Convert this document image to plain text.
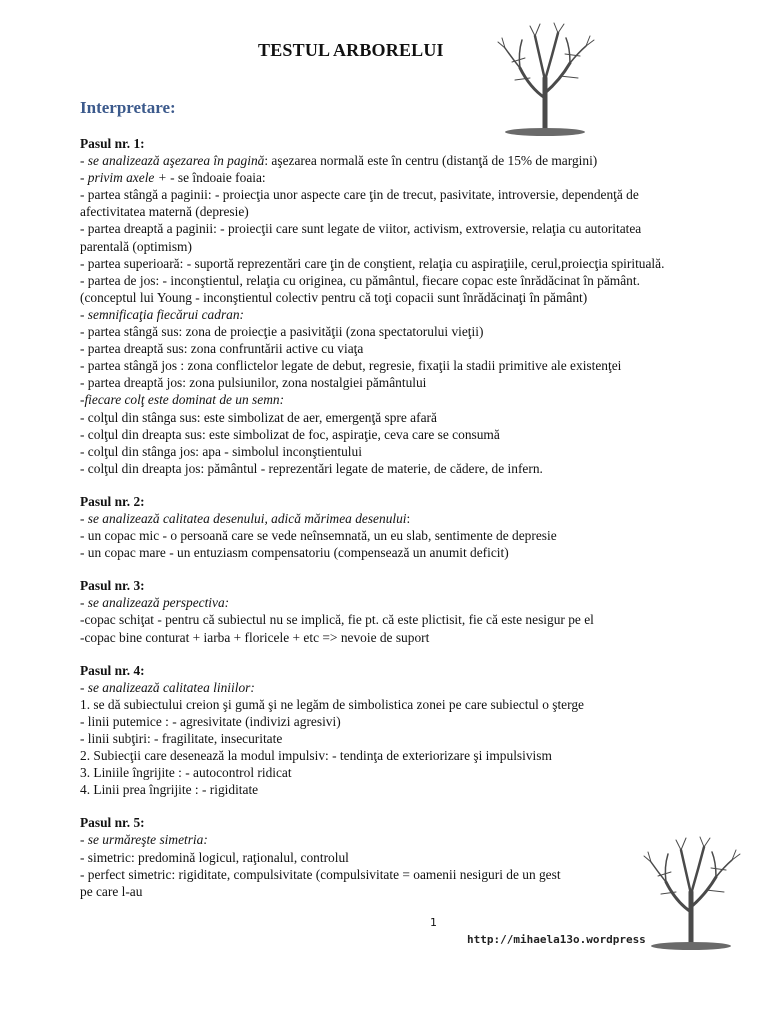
TESTUL ARBORELUI
Interpretare:
Pasul nr. 1:
- se analizează aşezarea în pagină: aşezarea normală este în centru (distanţă de 15% de margini)
- privim axele + - se îndoaie foaia:
- partea stângă a paginii: - proiecţia unor aspecte care ţin de trecut, pasivitate, introversie, dependenţă de
afectivitatea maternă (depresie)
- partea dreaptă a paginii: - proiecţii care sunt legate de viitor, activism, extroversie, relaţia cu autoritatea
parentală (optimism)
- partea superioară: - suportă reprezentări care ţin de conştient, relaţia cu aspiraţiile, cerul,proiecţia spirituală.
- partea de jos: - inconştientul, relaţia cu originea, cu pământul, fiecare copac este înrădăcinat în pământ.
(conceptul lui Young - inconştientul colectiv pentru că toţi copacii sunt înrădăcinaţi în pământ)
- semnificaţia fiecărui cadran:
- partea stângă sus: zona de proiecţie a pasivităţii (zona spectatorului vieţii)
- partea dreaptă sus: zona confruntării active cu viaţa
- partea stângă jos : zona conflictelor legate de debut, regresie, fixaţii la stadii primitive ale existenţei
- partea dreaptă jos: zona pulsiunilor, zona nostalgiei pământului
-fiecare colţ este dominat de un semn:
- colţul din stânga sus: este simbolizat de aer, emergenţă spre afară
- colţul din dreapta sus: este simbolizat de foc, aspiraţie, ceva care se consumă
- colţul din stânga jos: apa - simbolul inconştientului
- colţul din dreapta jos: pământul - reprezentări legate de materie, de cădere, de infern.
Pasul nr. 2:
- se analizează calitatea desenului, adică mărimea desenului:
- un copac mic - o persoană care se vede neînsemnată, un eu slab, sentimente de depresie
- un copac mare - un entuziasm compensatoriu (compensează un anumit deficit)
Pasul nr. 3:
- se analizează perspectiva:
-copac schiţat - pentru că subiectul nu se implică, fie pt. că este plictisit, fie că este nesigur pe el
-copac bine conturat + iarba + floricele + etc => nevoie de suport
Pasul nr. 4:
- se analizează calitatea liniilor:
1. se dă subiectului creion şi gumă şi ne legăm de simbolistica zonei pe care subiectul o şterge
- linii putemice : - agresivitate (indivizi agresivi)
- linii subţiri: - fragilitate, insecuritate
2. Subiecţii care desenează la modul impulsiv: - tendinţa de exteriorizare şi impulsivism
3. Liniile îngrijite : - autocontrol ridicat
4. Linii prea îngrijite : - rigiditate
Pasul nr. 5:
- se urmăreşte simetria:
- simetric: predomină logicul, raţionalul, controlul
- perfect simetric: rigiditate, compulsivitate (compulsivitate = oamenii nesiguri de un gest
pe care l-au
1
http://mihaela13o.wordpress
